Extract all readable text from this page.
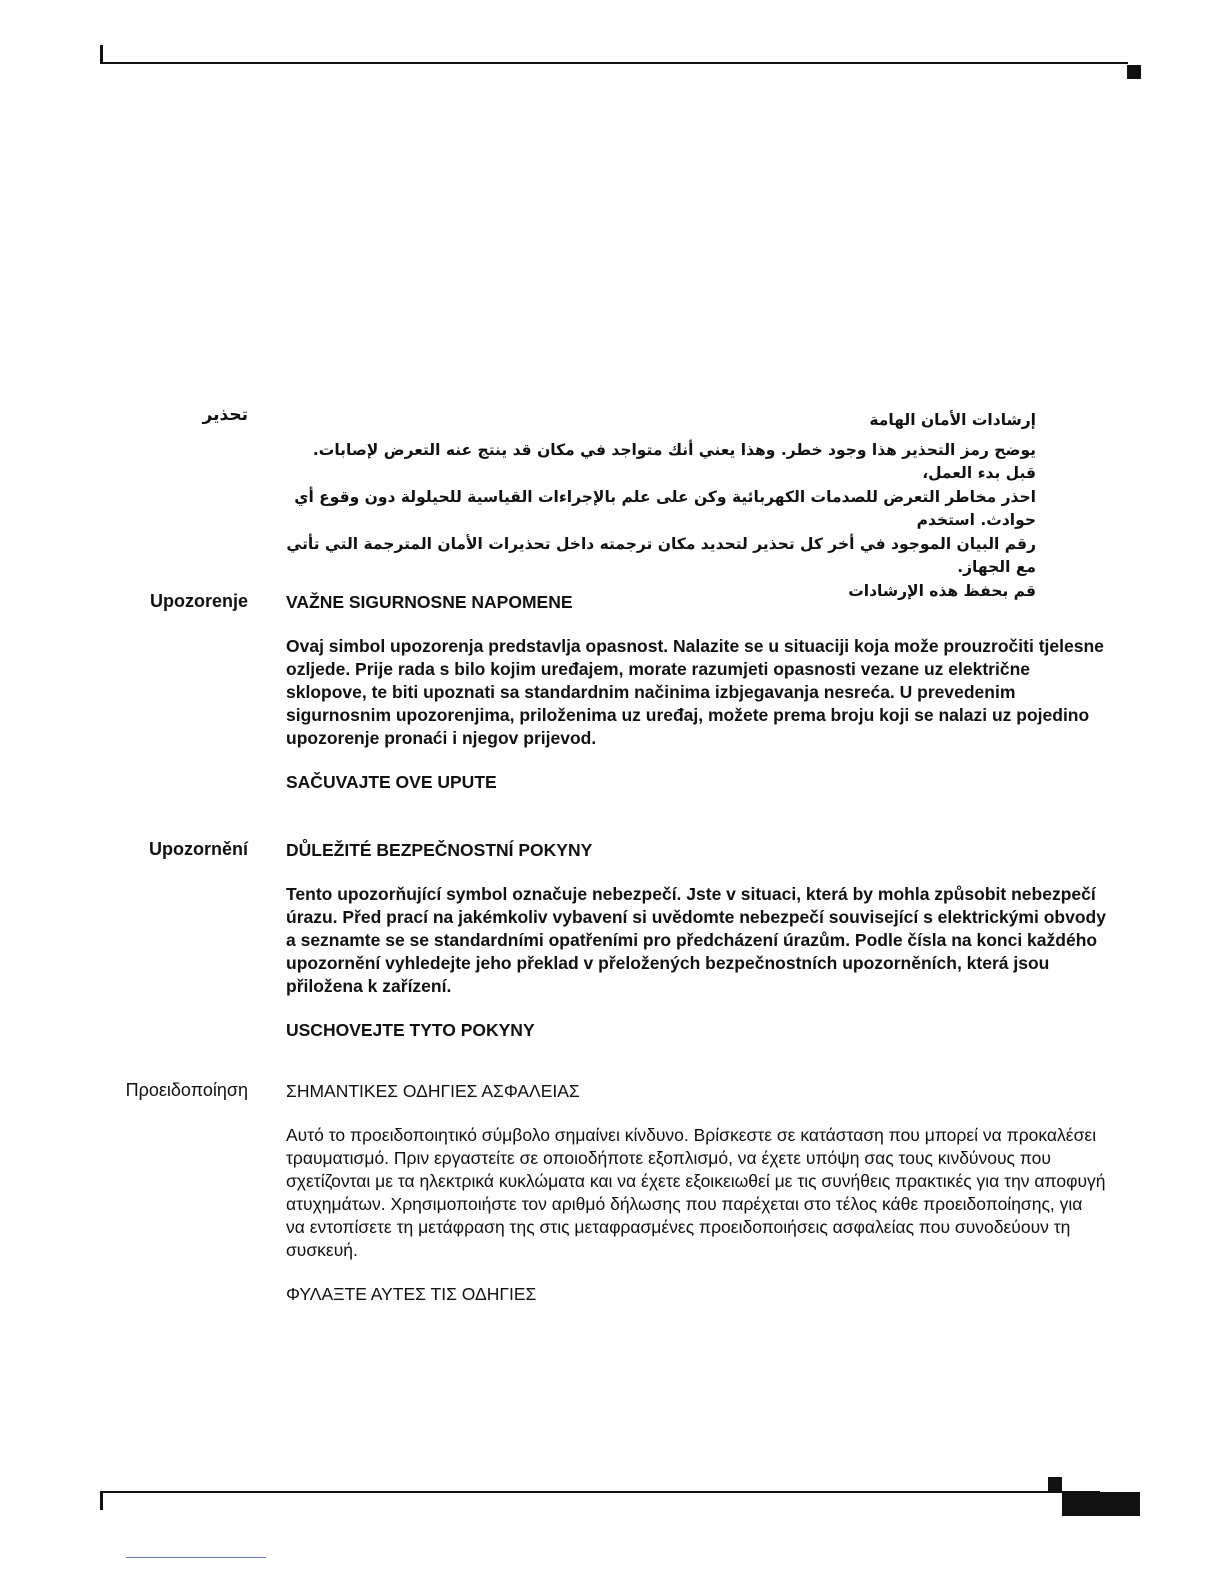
تحذير	إرشادات الأمان الهامة

يوضح رمز التحذير هذا وجود خطر. وهذا يعني أنك متواجد في مكان قد ينتج عنه التعرض لإصابات. قبل بدء العمل،

احذر مخاطر التعرض للصدمات الكهربائية وكن على علم بالإجراءات القياسية للحيلولة دون وقوع أي حوادث. استخدم

رقم البيان الموجود في أخر كل تحذير لتحديد مكان ترجمته داخل تحذيرات الأمان المترجمة التي تأتي مع الجهاز.

قم بحفظ هذه الإرشادات

Upozorenje VAŽNE SIGURNOSNE NAPOMENE

Ovaj simbol upozorenja predstavlja opasnost. Nalazite se u situaciji koja može prouzročiti tjelesne ozljede. Prije rada s bilo kojim uređajem, morate razumjeti opasnosti vezane uz električne sklopove, te biti upoznati sa standardnim načinima izbjegavanja nesreća. U prevedenim sigurnosnim upozorenjima, priloženima uz uređaj, možete prema broju koji se nalazi uz pojedino upozorenje pronaći i njegov prijevod.

SAČUVAJTE OVE UPUTE

Upozornění DŮLEŽITÉ BEZPEČNOSTNÍ POKYNY

Tento upozorňující symbol označuje nebezpečí. Jste v situaci, která by mohla způsobit nebezpečí úrazu. Před prací na jakémkoliv vybavení si uvědomte nebezpečí související s elektrickými obvody a seznamte se se standardními opatřeními pro předcházení úrazům. Podle čísla na konci každého upozornění vyhledejte jeho překlad v přeložených bezpečnostních upozorněních, která jsou přiložena k zařízení.

USCHOVEJTE TYTO POKYNY

Προειδοποίηση ΣΗΜΑΝΤΙΚΕΣ ΟΔΗΓΙΕΣ ΑΣΦΑΛΕΙΑΣ

Αυτό το προειδοποιητικό σύμβολο σημαίνει κίνδυνο. Βρίσκεστε σε κατάσταση που μπορεί να προκαλέσει τραυματισμό. Πριν εργαστείτε σε οποιοδήποτε εξοπλισμό, να έχετε υπόψη σας τους κινδύνους που σχετίζονται με τα ηλεκτρικά κυκλώματα και να έχετε εξοικειωθεί με τις συνήθεις πρακτικές για την αποφυγή ατυχημάτων. Χρησιμοποιήστε τον αριθμό δήλωσης που παρέχεται στο τέλος κάθε προειδοποίησης, για να εντοπίσετε τη μετάφραση της στις μεταφρασμένες προειδοποιήσεις ασφαλείας που συνοδεύουν τη συσκευή.

ΦΥΛΑΞΤΕ ΑΥΤΕΣ ΤΙΣ ΟΔΗΓΙΕΣ
